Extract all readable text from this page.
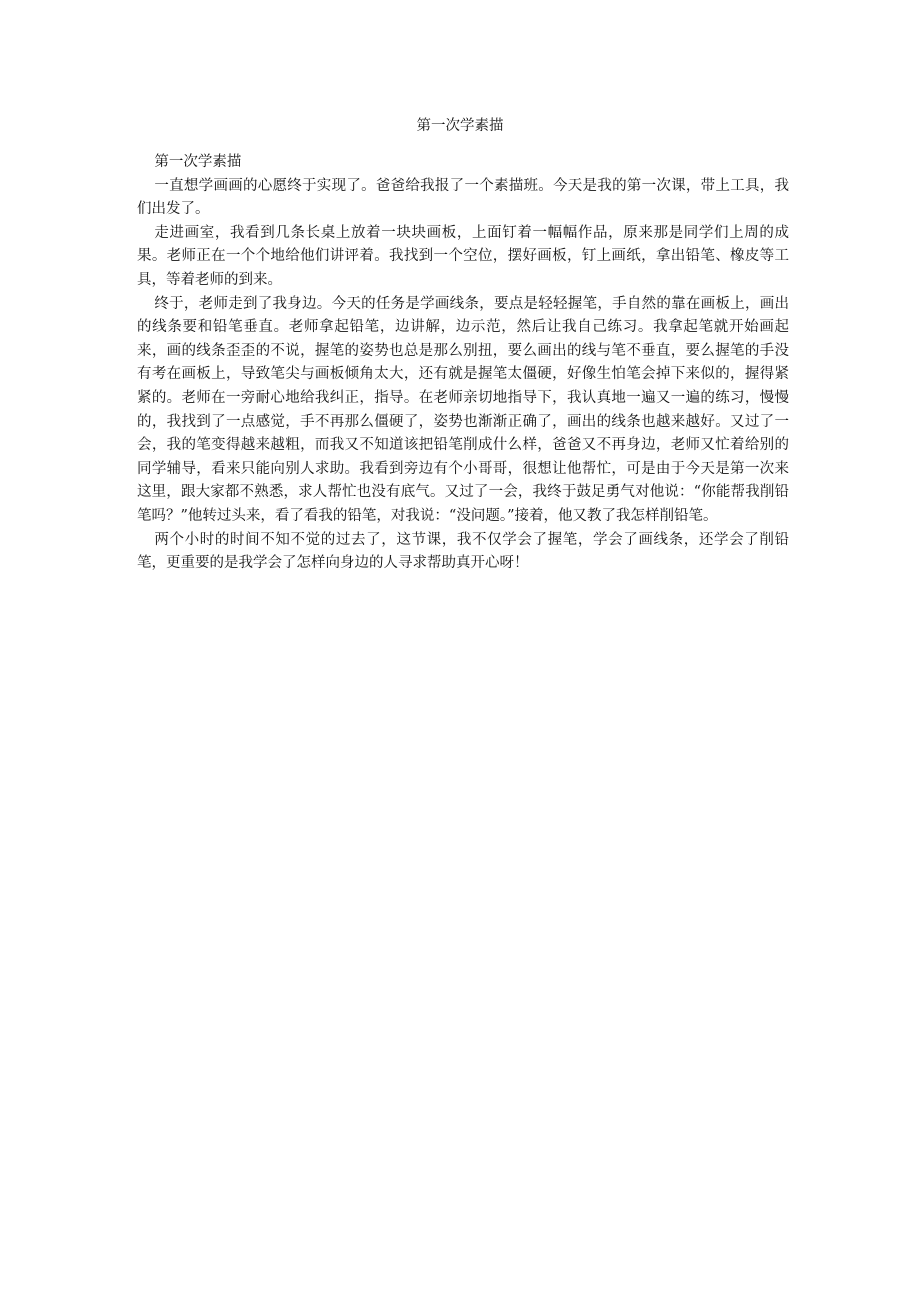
第一次学素描

第一次学素描

一直想学画画的心愿终于实现了。爸爸给我报了一个素描班。今天是我的第一次课，带上工具，我们出发了。

走进画室，我看到几条长桌上放着一块块画板，上面钉着一幅幅作品，原来那是同学们上周的成果。老师正在一个个地给他们讲评着。我找到一个空位，摆好画板，钉上画纸，拿出铅笔、橡皮等工具，等着老师的到来。

终于，老师走到了我身边。今天的任务是学画线条，要点是轻轻握笔，手自然的靠在画板上，画出的线条要和铅笔垂直。老师拿起铅笔，边讲解，边示范，然后让我自己练习。我拿起笔就开始画起来，画的线条歪歪的不说，握笔的姿势也总是那么别扭，要么画出的线与笔不垂直，要么握笔的手没有考在画板上，导致笔尖与画板倾角太大，还有就是握笔太僵硬，好像生怕笔会掉下来似的，握得紧紧的。老师在一旁耐心地给我纠正，指导。在老师亲切地指导下，我认真地一遍又一遍的练习，慢慢的，我找到了一点感觉，手不再那么僵硬了，姿势也渐渐正确了，画出的线条也越来越好。又过了一会，我的笔变得越来越粗，而我又不知道该把铅笔削成什么样，爸爸又不再身边，老师又忙着给别的同学辅导，看来只能向别人求助。我看到旁边有个小哥哥，很想让他帮忙，可是由于今天是第一次来这里，跟大家都不熟悉，求人帮忙也没有底气。又过了一会，我终于鼓足勇气对他说：“你能帮我削铅笔吗？”他转过头来，看了看我的铅笔，对我说：“没问题。”接着，他又教了我怎样削铅笔。

两个小时的时间不知不觉的过去了，这节课，我不仅学会了握笔，学会了画线条，还学会了削铅笔，更重要的是我学会了怎样向身边的人寻求帮助真开心呀！
